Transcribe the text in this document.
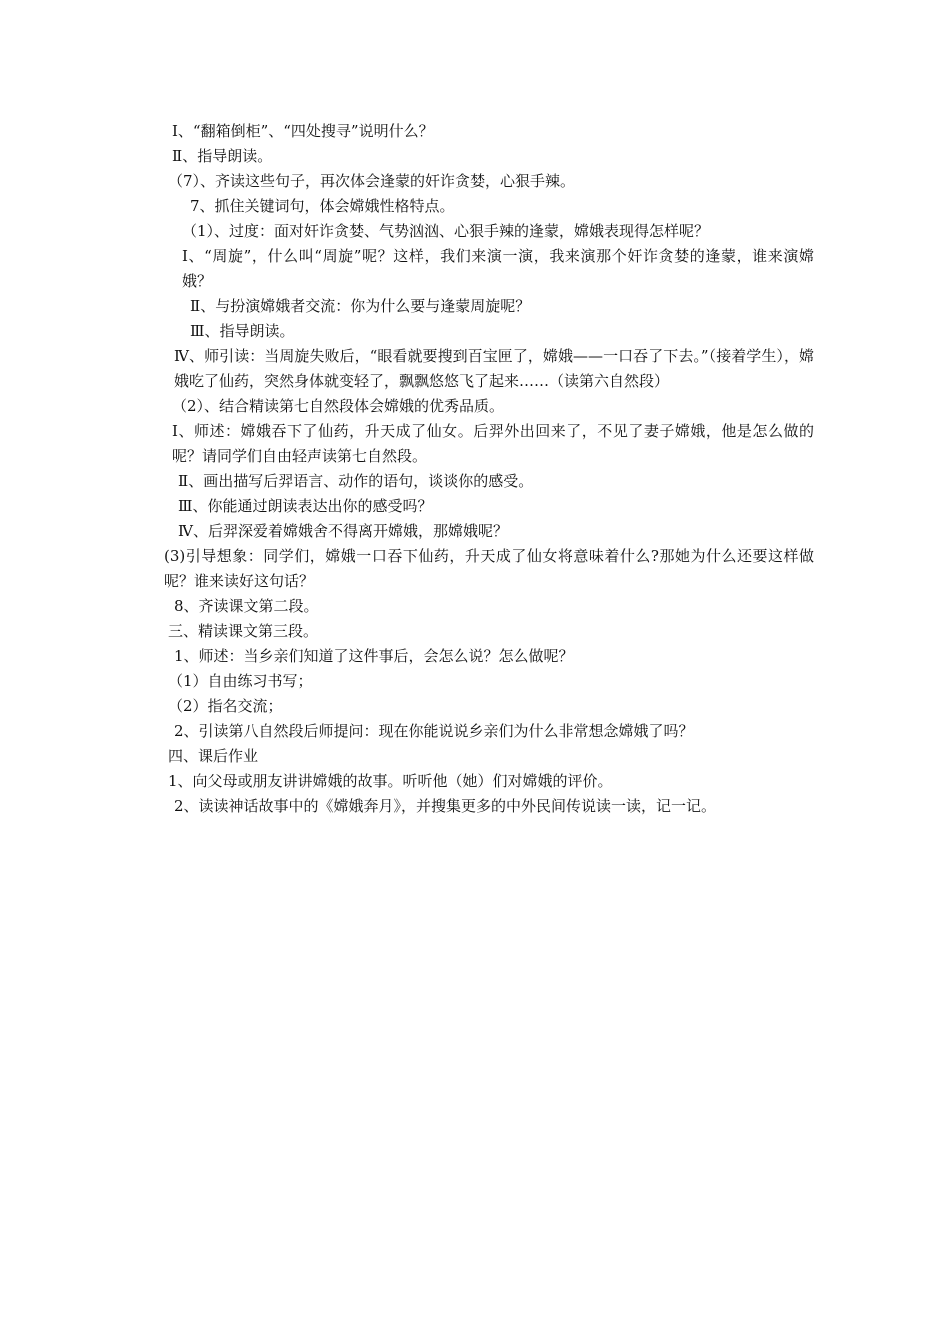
Ⅰ、“翻箱倒柜”、“四处搜寻”说明什么？

Ⅱ、指导朗读。

（7）、齐读这些句子，再次体会逢蒙的奸诈贪婪，心狠手辣。

7、抓住关键词句，体会嫦娥性格特点。

（1）、过度：面对奸诈贪婪、气势汹汹、心狠手辣的逢蒙，嫦娥表现得怎样呢？

Ⅰ、“周旋”，什么叫“周旋”呢？这样，我们来演一演，我来演那个奸诈贪婪的逢蒙，谁来演嫦娥？

Ⅱ、与扮演嫦娥者交流：你为什么要与逢蒙周旋呢？

Ⅲ、指导朗读。

Ⅳ、师引读：当周旋失败后，“眼看就要搜到百宝匣了，嫦娥——一口吞了下去。”（接着学生），嫦娥吃了仙药，突然身体就变轻了，飘飘悠悠飞了起来……（读第六自然段）

（2）、结合精读第七自然段体会嫦娥的优秀品质。

Ⅰ、师述：嫦娥吞下了仙药，升天成了仙女。后羿外出回来了，不见了妻子嫦娥，他是怎么做的呢？请同学们自由轻声读第七自然段。

Ⅱ、画出描写后羿语言、动作的语句，谈谈你的感受。

Ⅲ、你能通过朗读表达出你的感受吗？

Ⅳ、后羿深爱着嫦娥舍不得离开嫦娥，那嫦娥呢？

(3)引导想象：同学们，嫦娥一口吞下仙药，升天成了仙女将意味着什么?那她为什么还要这样做呢？谁来读好这句话？

8、齐读课文第二段。

三、精读课文第三段。

1、师述：当乡亲们知道了这件事后，会怎么说？怎么做呢？

（1）自由练习书写；

（2）指名交流；

2、引读第八自然段后师提问：现在你能说说乡亲们为什么非常想念嫦娥了吗？

四、课后作业

1、向父母或朋友讲讲嫦娥的故事。听听他（她）们对嫦娥的评价。

2、读读神话故事中的《嫦娥奔月》，并搜集更多的中外民间传说读一读，记一记。
